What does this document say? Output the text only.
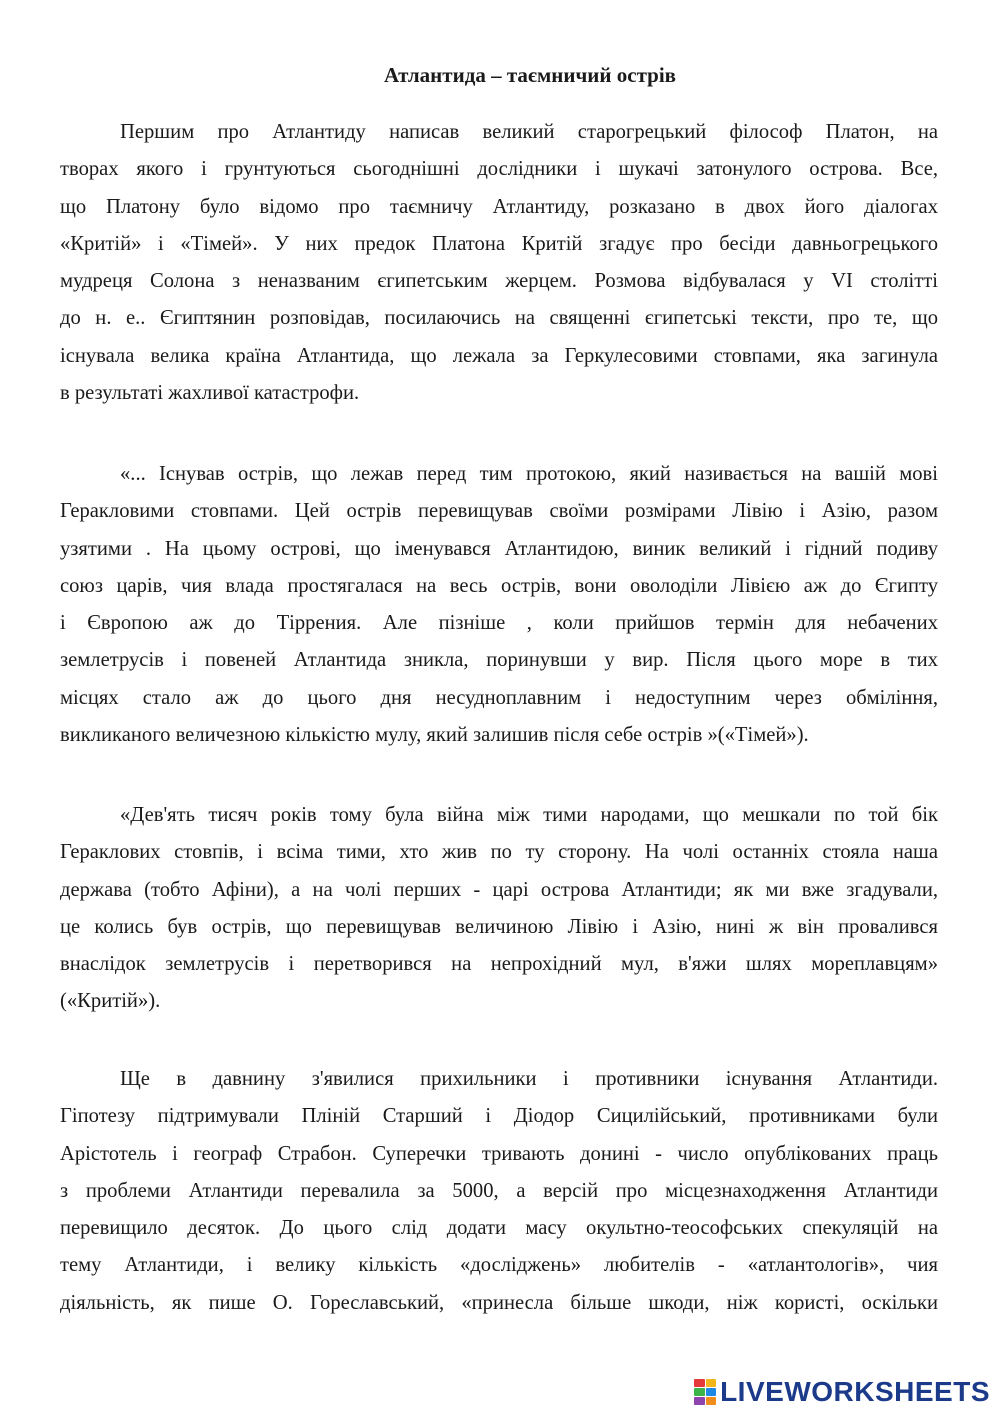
Атлантида – таємничий острів

Першим про Атлантиду написав великий старогрецький філософ Платон, на
творах якого і грунтуються сьогоднішні дослідники і шукачі затонулого острова. Все,
що Платону було відомо про таємничу Атлантиду, розказано в двох його діалогах
«Критій» і «Тімей». У них предок Платона Критій згадує про бесіди давньогрецького
мудреця Солона з неназваним єгипетським жерцем. Розмова відбувалася у VI столітті
до н. е.. Єгиптянин розповідав, посилаючись на священні єгипетські тексти, про те, що
існувала велика країна Атлантида, що лежала за Геркулесовими стовпами, яка загинула
в результаті жахливої катастрофи.

«... Існував острів, що лежав перед тим протокою, який називається на вашій мові
Геракловими стовпами. Цей острів перевищував своїми розмірами Лівію і Азію, разом
узятими . На цьому острові, що іменувався Атлантидою, виник великий і гідний подиву
союз царів, чия влада простягалася на весь острів, вони оволоділи Лівією аж до Єгипту
і Європою аж до Тіррения. Але пізніше , коли прийшов термін для небачених
землетрусів і повеней Атлантида зникла, поринувши у вир. Після цього море в тих
місцях стало аж до цього дня несудноплавним і недоступним через обміління,
викликаного величезною кількістю мулу, який залишив після себе острів »(«Тімей»).

«Дев'ять тисяч років тому була війна між тими народами, що мешкали по той бік
Гераклових стовпів, і всіма тими, хто жив по ту сторону. На чолі останніх стояла наша
держава (тобто Афіни), а на чолі перших - царі острова Атлантиди; як ми вже згадували,
це колись був острів, що перевищував величиною Лівію і Азію, нині ж він провалився
внаслідок землетрусів і перетворився на непрохідний мул, в'яжи шлях мореплавцям»
(«Критій»).

Ще в давнину з'явилися прихильники і противники існування Атлантиди.
Гіпотезу підтримували Пліній Старший і Діодор Сицилійський, противниками були
Арістотель і географ Страбон. Суперечки тривають донині - число опублікованих праць
з проблеми Атлантиди перевалила за 5000, а версій про місцезнаходження Атлантиди
перевищило десяток. До цього слід додати масу окультно-теософських спекуляцій на
тему Атлантиди, і велику кількість «досліджень» любителів - «атлантологів», чия
діяльність, як пише О. Гореславський, «принесла більше шкоди, ніж користі, оскільки

LIVEWORKSHEETS
